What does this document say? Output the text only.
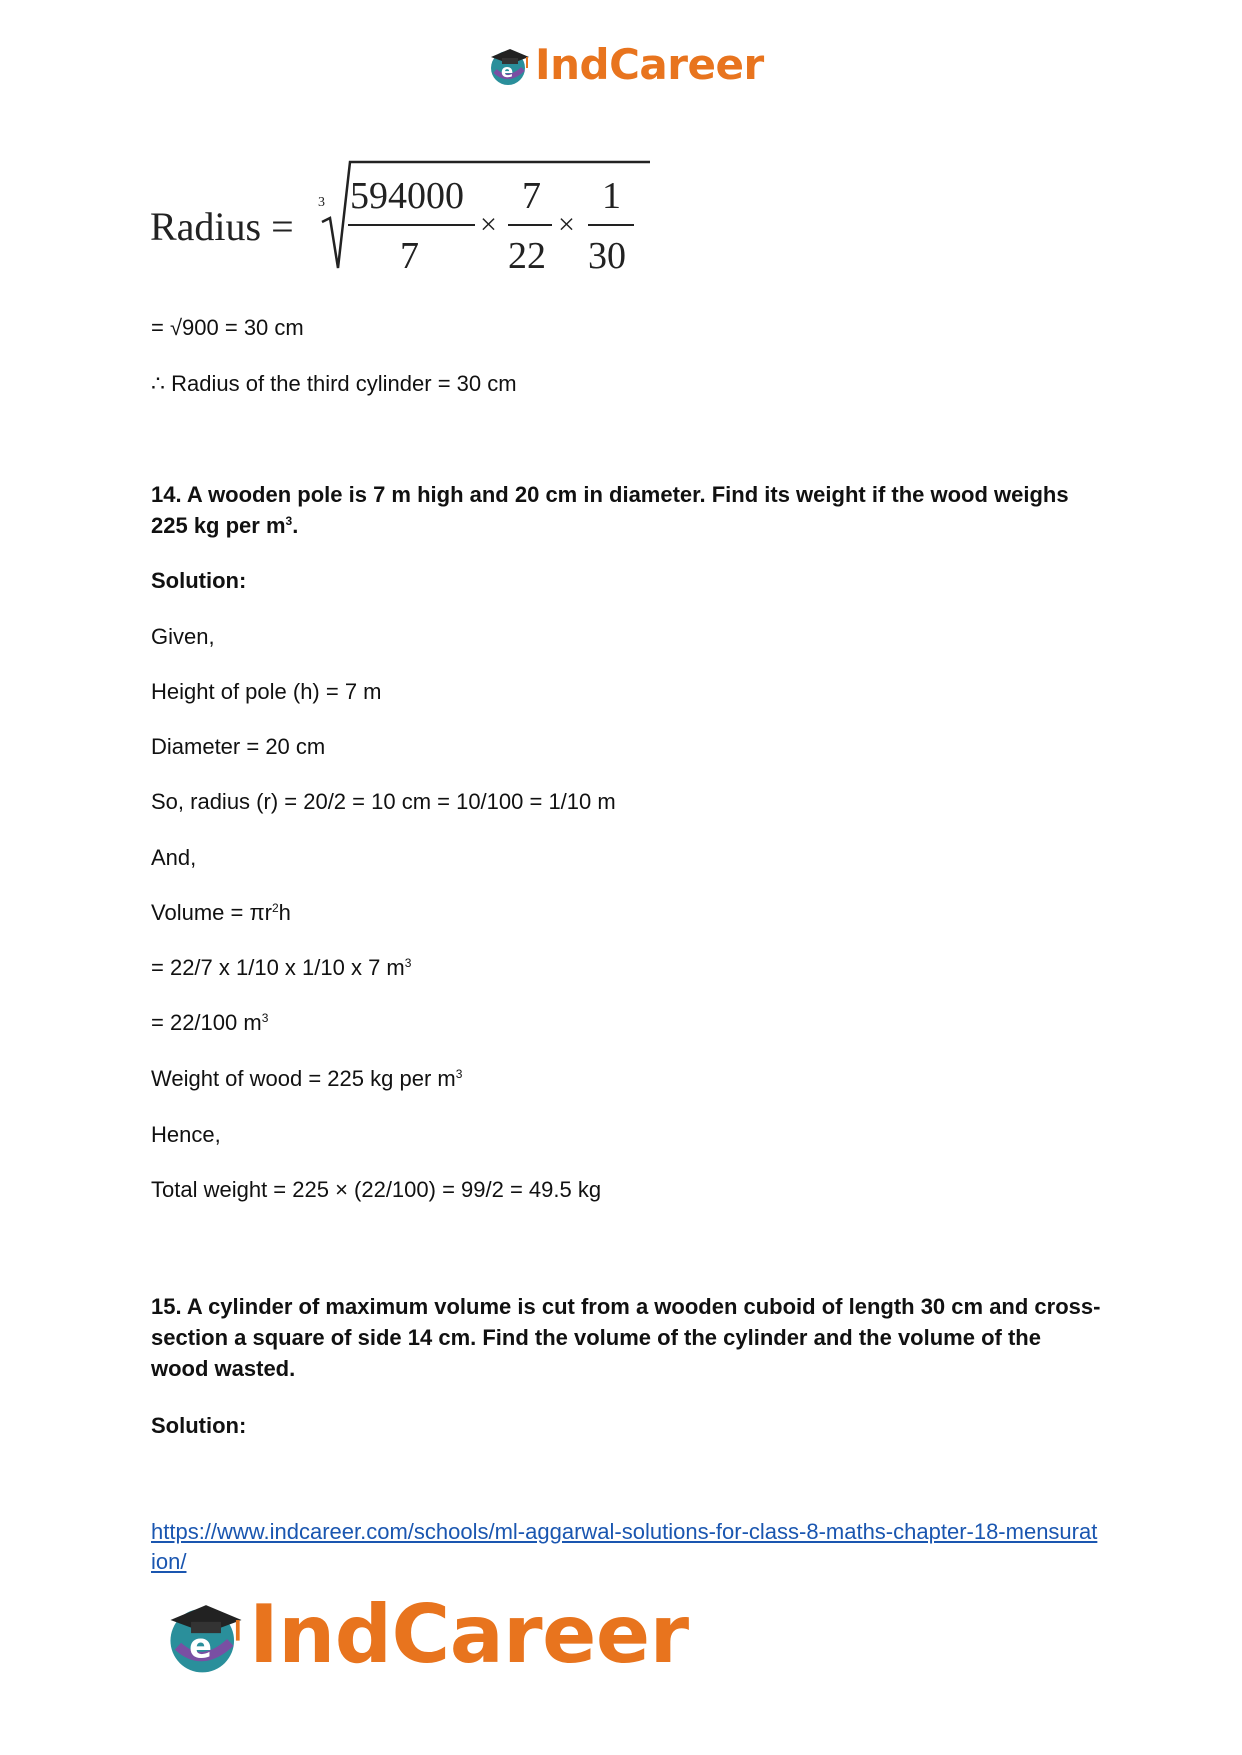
e IndCareer
Radius =
3 594000
7
×
7
22
×
1
30
= √900 = 30 cm
∴ Radius of the third cylinder = 30 cm
14. A wooden pole is 7 m high and 20 cm in diameter. Find its weight if the wood weighs 225 kg per $m^3$.
Solution:
Given,
Height of pole (h) = 7 m
Diameter = 20 cm
So, radius (r) = 20/2 = 10 cm = 10/100 = 1/10 m
And,
Volume = $\pi r^2h$
= 22/7 x 1/10 x 1/10 x 7 $m^3$
= 22/100 $m^3$
Weight of wood = 225 kg per $m^3$
Hence,
Total weight = 225 × (22/100) = 99/2 = 49.5 kg
15. A cylinder of maximum volume is cut from a wooden cuboid of length 30 cm and cross-section a square of side 14 cm. Find the volume of the cylinder and the volume of the wood wasted.
Solution:
https://www.indcareer.com/schools/ml-aggarwal-solutions-for-class-8-maths-chapter-18-mensuration/
e IndCareer
